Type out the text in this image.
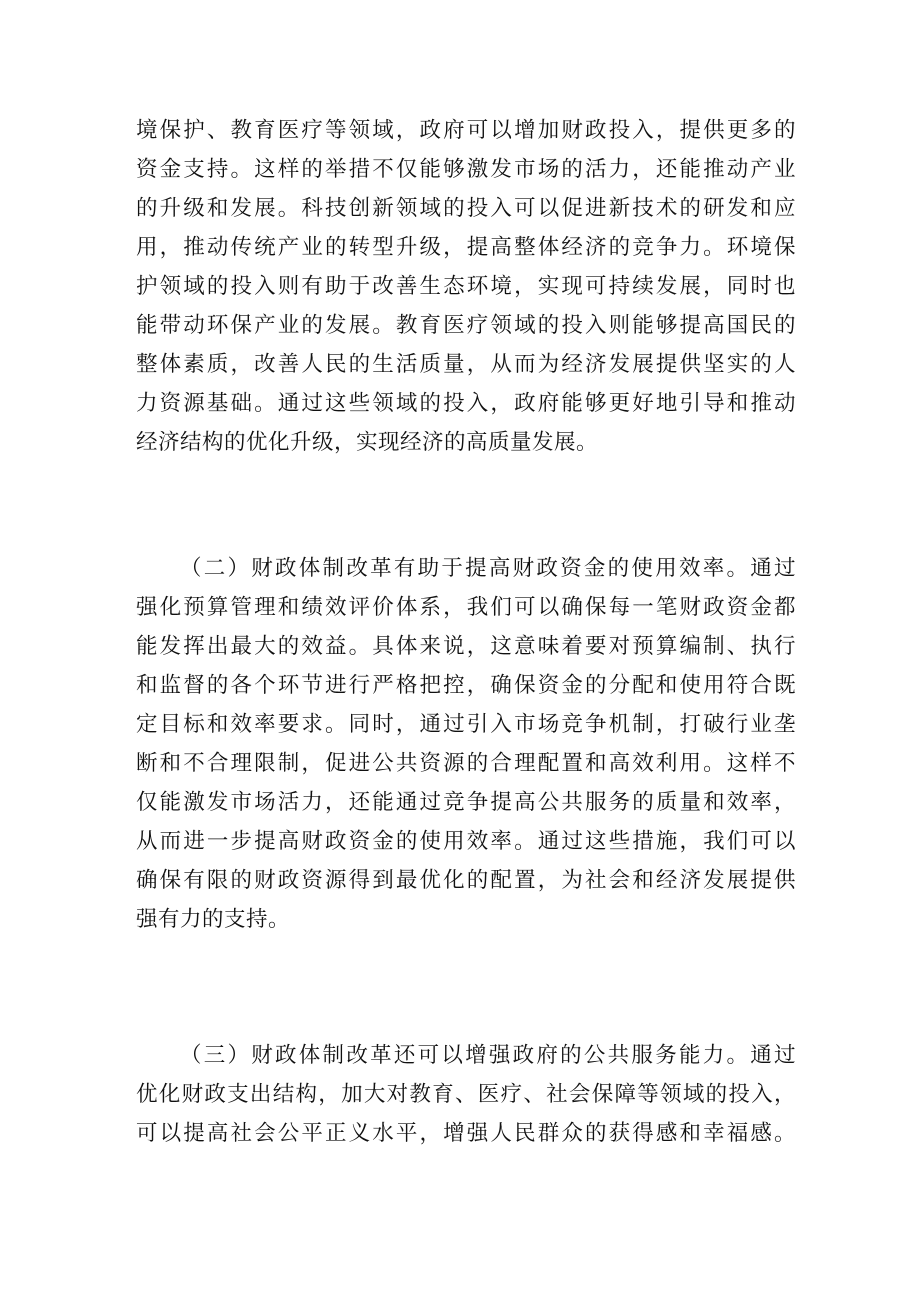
境保护、教育医疗等领域，政府可以增加财政投入，提供更多的
资金支持。这样的举措不仅能够激发市场的活力，还能推动产业
的升级和发展。科技创新领域的投入可以促进新技术的研发和应
用，推动传统产业的转型升级，提高整体经济的竞争力。环境保
护领域的投入则有助于改善生态环境，实现可持续发展，同时也
能带动环保产业的发展。教育医疗领域的投入则能够提高国民的
整体素质，改善人民的生活质量，从而为经济发展提供坚实的人
力资源基础。通过这些领域的投入，政府能够更好地引导和推动
经济结构的优化升级，实现经济的高质量发展。
（二）财政体制改革有助于提高财政资金的使用效率。通过
强化预算管理和绩效评价体系，我们可以确保每一笔财政资金都
能发挥出最大的效益。具体来说，这意味着要对预算编制、执行
和监督的各个环节进行严格把控，确保资金的分配和使用符合既
定目标和效率要求。同时，通过引入市场竞争机制，打破行业垄
断和不合理限制，促进公共资源的合理配置和高效利用。这样不
仅能激发市场活力，还能通过竞争提高公共服务的质量和效率，
从而进一步提高财政资金的使用效率。通过这些措施，我们可以
确保有限的财政资源得到最优化的配置，为社会和经济发展提供
强有力的支持。
（三）财政体制改革还可以增强政府的公共服务能力。通过
优化财政支出结构，加大对教育、医疗、社会保障等领域的投入，
可以提高社会公平正义水平，增强人民群众的获得感和幸福感。
